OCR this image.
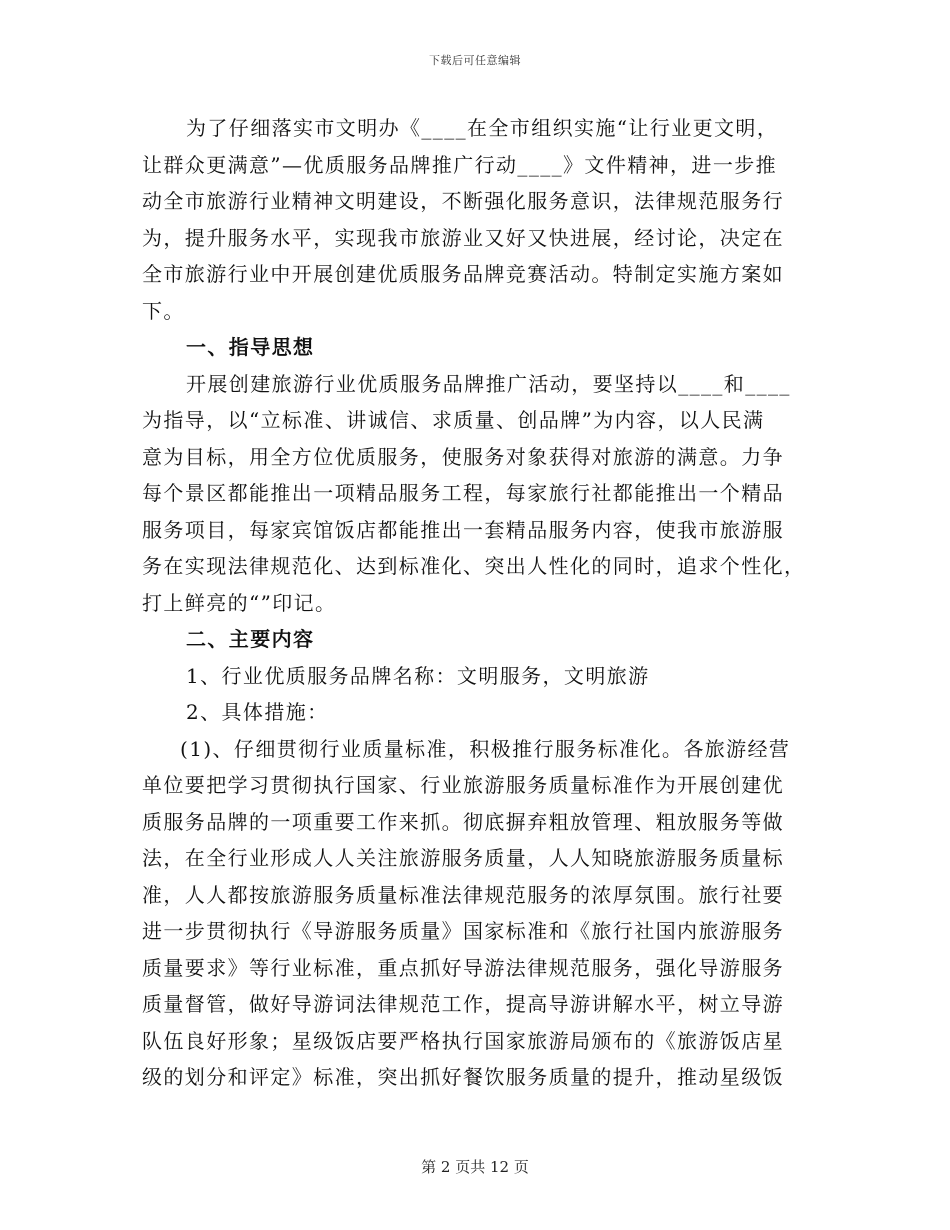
下载后可任意编辑
为了仔细落实市文明办《____在全市组织实施“让行业更文明，
让群众更满意”—优质服务品牌推广行动____》文件精神，进一步推
动全市旅游行业精神文明建设，不断强化服务意识，法律规范服务行
为，提升服务水平，实现我市旅游业又好又快进展，经讨论，决定在
全市旅游行业中开展创建优质服务品牌竞赛活动。特制定实施方案如
下。
一、指导思想
开展创建旅游行业优质服务品牌推广活动，要坚持以____和____
为指导，以“立标准、讲诚信、求质量、创品牌”为内容，以人民满
意为目标，用全方位优质服务，使服务对象获得对旅游的满意。力争
每个景区都能推出一项精品服务工程，每家旅行社都能推出一个精品
服务项目，每家宾馆饭店都能推出一套精品服务内容，使我市旅游服
务在实现法律规范化、达到标准化、突出人性化的同时，追求个性化，
打上鲜亮的“”印记。
二、主要内容
1、行业优质服务品牌名称：文明服务，文明旅游
2、具体措施：
(1)、仔细贯彻行业质量标准，积极推行服务标准化。各旅游经营
单位要把学习贯彻执行国家、行业旅游服务质量标准作为开展创建优
质服务品牌的一项重要工作来抓。彻底摒弃粗放管理、粗放服务等做
法，在全行业形成人人关注旅游服务质量，人人知晓旅游服务质量标
准，人人都按旅游服务质量标准法律规范服务的浓厚氛围。旅行社要
进一步贯彻执行《导游服务质量》国家标准和《旅行社国内旅游服务
质量要求》等行业标准，重点抓好导游法律规范服务，强化导游服务
质量督管，做好导游词法律规范工作，提高导游讲解水平，树立导游
队伍良好形象；星级饭店要严格执行国家旅游局颁布的《旅游饭店星
级的划分和评定》标准，突出抓好餐饮服务质量的提升，推动星级饭
第 2 页共 12 页
